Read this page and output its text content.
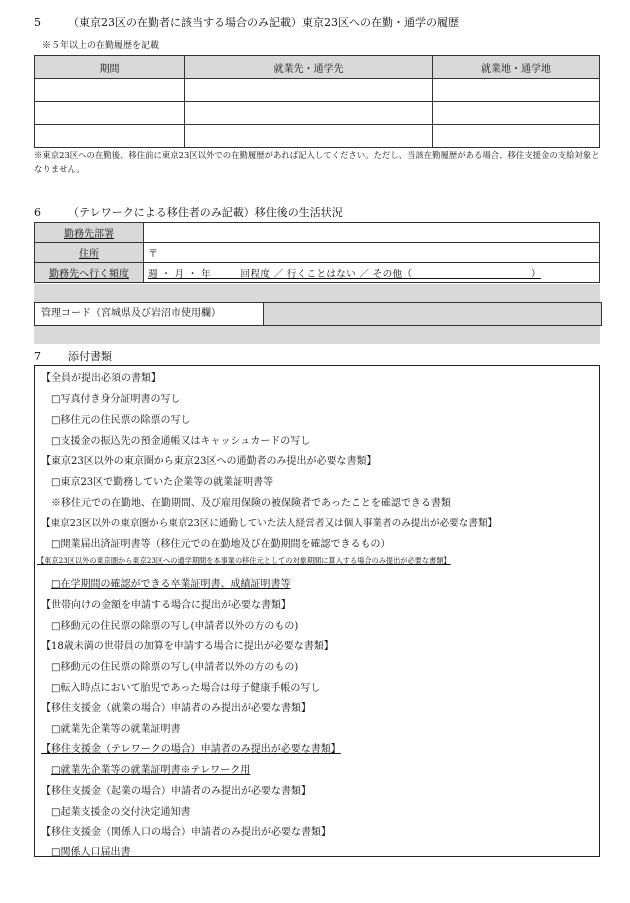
5 （東京23区の在勤者に該当する場合のみ記載）東京23区への在勤・通学の履歴
※５年以上の在勤履歴を記載
期間	就業先・通学先	就業地・通学地

※東京23区への在勤後、移住前に東京23区以外での在勤履歴があれば記入してください。ただし、当該在勤履歴がある場合、移住支援金の支給対象となりません。
6 （テレワークによる移住者のみ記載）移住後の生活状況
勤務先部署	
住所	〒
勤務先へ行く頻度	週 ・ 月 ・ 年　　　回程度 ／ 行くことはない ／ その他（　　　　　　　　　　　　）
管理コード（宮城県及び岩沼市使用欄）
7 添付書類
【全員が提出必須の書類】
□写真付き身分証明書の写し
□移住元の住民票の除票の写し
□支援金の振込先の預金通帳又はキャッシュカードの写し
【東京23区以外の東京圏から東京23区への通勤者のみ提出が必要な書類】
□東京23区で勤務していた企業等の就業証明書等
※移住元での在勤地、在勤期間、及び雇用保険の被保険者であったことを確認できる書類
【東京23区以外の東京圏から東京23区に通勤していた法人経営者又は個人事業者のみ提出が必要な書類】
□開業届出済証明書等（移住元での在勤地及び在勤期間を確認できるもの）
【東京23区以外の東京圏から東京23区への通学期間を本事業の移住元としての対象期間に算入する場合のみ提出が必要な書類】
□在学期間の確認ができる卒業証明書、成績証明書等
【世帯向けの金額を申請する場合に提出が必要な書類】
□移動元の住民票の除票の写し(申請者以外の方のもの)
【18歳未満の世帯員の加算を申請する場合に提出が必要な書類】
□移動元の住民票の除票の写し(申請者以外の方のもの)
□転入時点において胎児であった場合は母子健康手帳の写し
【移住支援金（就業の場合）申請者のみ提出が必要な書類】
□就業先企業等の就業証明書
【移住支援金（テレワークの場合）申請者のみ提出が必要な書類】
□就業先企業等の就業証明書※テレワーク用
【移住支援金（起業の場合）申請者のみ提出が必要な書類】
□起業支援金の交付決定通知書
【移住支援金（関係人口の場合）申請者のみ提出が必要な書類】
□関係人口届出書
